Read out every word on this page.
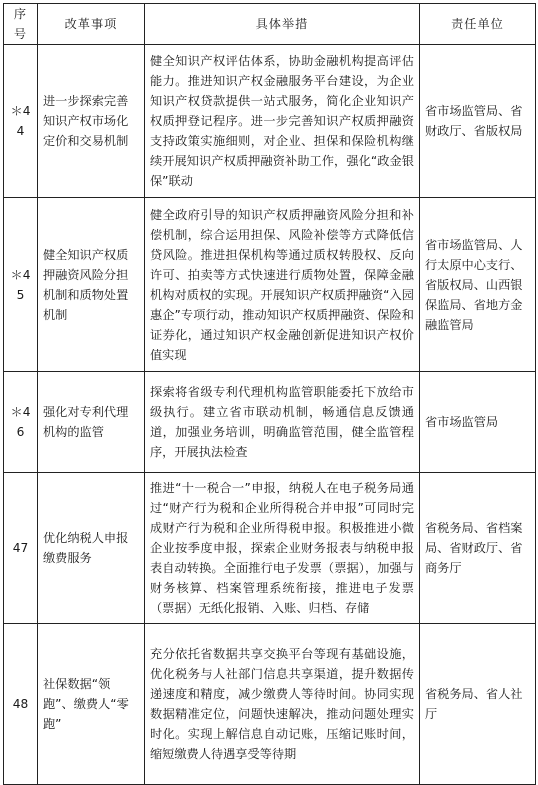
序号	改革事项	具体举措	责任单位
＊44	进一步探索完善知识产权市场化定价和交易机制	健全知识产权评估体系，协助金融机构提高评估能力。推进知识产权金融服务平台建设，为企业知识产权贷款提供一站式服务，简化企业知识产权质押登记程序。进一步完善知识产权质押融资支持政策实施细则，对企业、担保和保险机构继续开展知识产权质押融资补助工作，强化“政金银保”联动	省市场监管局、省财政厅、省版权局
＊45	健全知识产权质押融资风险分担机制和质物处置机制	健全政府引导的知识产权质押融资风险分担和补偿机制，综合运用担保、风险补偿等方式降低信贷风险。推进担保机构等通过质权转股权、反向许可、拍卖等方式快速进行质物处置，保障金融机构对质权的实现。开展知识产权质押融资“入园惠企”专项行动，推动知识产权质押融资、保险和证券化，通过知识产权金融创新促进知识产权价值实现	省市场监管局、人行太原中心支行、省版权局、山西银保监局、省地方金融监管局
＊46	强化对专利代理机构的监管	探索将省级专利代理机构监管职能委托下放给市级执行。建立省市联动机制，畅通信息反馈通道，加强业务培训，明确监管范围，健全监管程序，开展执法检查	省市场监管局
47	优化纳税人申报缴费服务	推进“十一税合一”申报，纳税人在电子税务局通过“财产行为税和企业所得税合并申报”可同时完成财产行为税和企业所得税申报。积极推进小微企业按季度申报，探索企业财务报表与纳税申报表自动转换。全面推行电子发票（票据），加强与财务核算、档案管理系统衔接，推进电子发票（票据）无纸化报销、入账、归档、存储	省税务局、省档案局、省财政厅、省商务厅
48	社保数据“领跑”、缴费人“零跑”	充分依托省数据共享交换平台等现有基础设施，优化税务与人社部门信息共享渠道，提升数据传递速度和精度，减少缴费人等待时间。协同实现数据精准定位，问题快速解决，推动问题处理实时化。实现上解信息自动记账，压缩记账时间，缩短缴费人待遇享受等待期	省税务局、省人社厅
